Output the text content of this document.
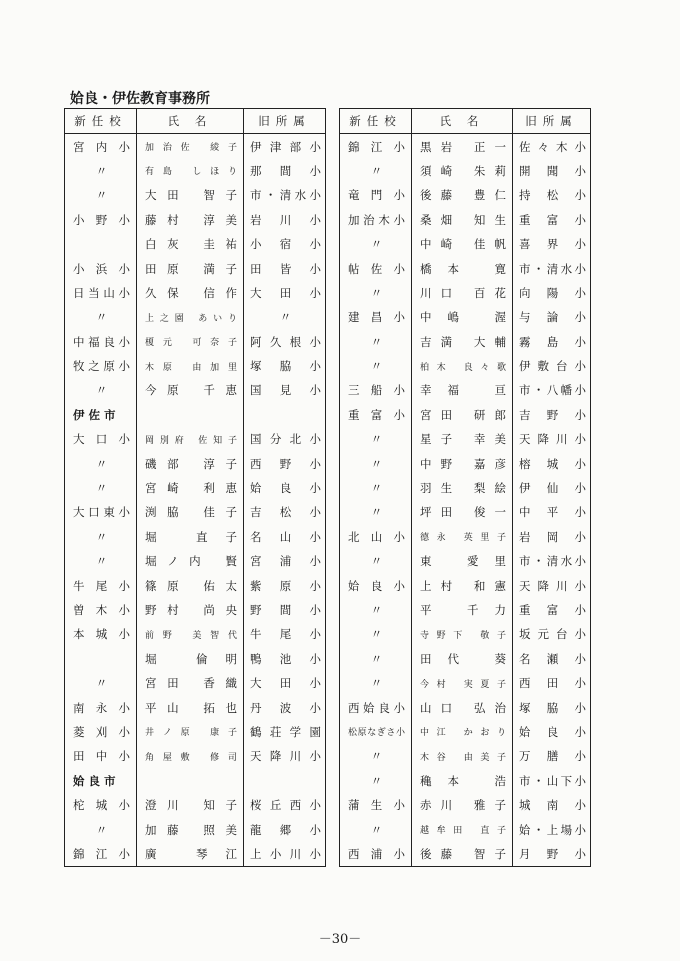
姶良・伊佐教育事務所
新任校	氏 名	旧所属
宮内小	加治佐 綾子	伊津部小
〃	有島 しほり	那間小
〃	大田 智子	市・清水小
小野小	藤村 淳美	岩川小
	白灰 圭祐	小宿小
小浜小	田原 満子	田皆小
日当山小	久保 信作	大田小
〃	上之園 あいり	〃
中福良小	榎元 可奈子	阿久根小
牧之原小	木原 由加里	塚脇小
〃	今原 千恵	国見小
伊佐市		
大口小	岡別府 佐知子	国分北小
〃	磯部 淳子	西野小
〃	宮崎 利恵	姶良小
大口東小	渕脇 佳子	吉松小
〃	堀 直子	名山小
〃	堀ノ内 賢	宮浦小
牛尾小	篠原 佑太	紫原小
曽木小	野村 尚央	野間小
本城小	前野 美智代	牛尾小
	堀 倫明	鴨池小
〃	宮田 香織	大田小
南永小	平山 拓也	丹波小
菱刈小	井ノ原 康子	鶴荘学園
田中小	角屋敷 修司	天降川小
姶良市		
柁城小	澄川 知子	桜丘西小
〃	加藤 照美	龍郷小
錦江小	廣 琴江	上小川小
新任校	氏 名	旧所属
錦江小	黒岩 正一	佐々木小
〃	須崎 朱莉	開聞小
竜門小	後藤 豊仁	持松小
加治木小	桑畑 知生	重富小
〃	中崎 佳帆	喜界小
帖佐小	橋本 寛	市・清水小
〃	川口 百花	向陽小
建昌小	中嶋 渥	与論小
〃	吉満 大輔	霧島小
〃	柏木 良々歌	伊敷台小
三船小	幸福 亘	市・八幡小
重富小	宮田 研郎	吉野小
〃	星子 幸美	天降川小
〃	中野 嘉彦	榕城小
〃	羽生 梨絵	伊仙小
〃	坪田 俊一	中平小
北山小	德永 英里子	岩岡小
〃	東 愛里	市・清水小
姶良小	上村 和憲	天降川小
〃	平 千力	重富小
〃	寺野下 敬子	坂元台小
〃	田代 葵	名瀬小
〃	今村 実夏子	西田小
西姶良小	山口 弘治	塚脇小
松原なぎさ小	中江 かおり	姶良小
〃	木谷 由美子	万膳小
〃	穐本 浩	市・山下小
蒲生小	赤川 雅子	城南小
〃	越牟田 直子	姶・上場小
西浦小	後藤 智子	月野小
－30－
